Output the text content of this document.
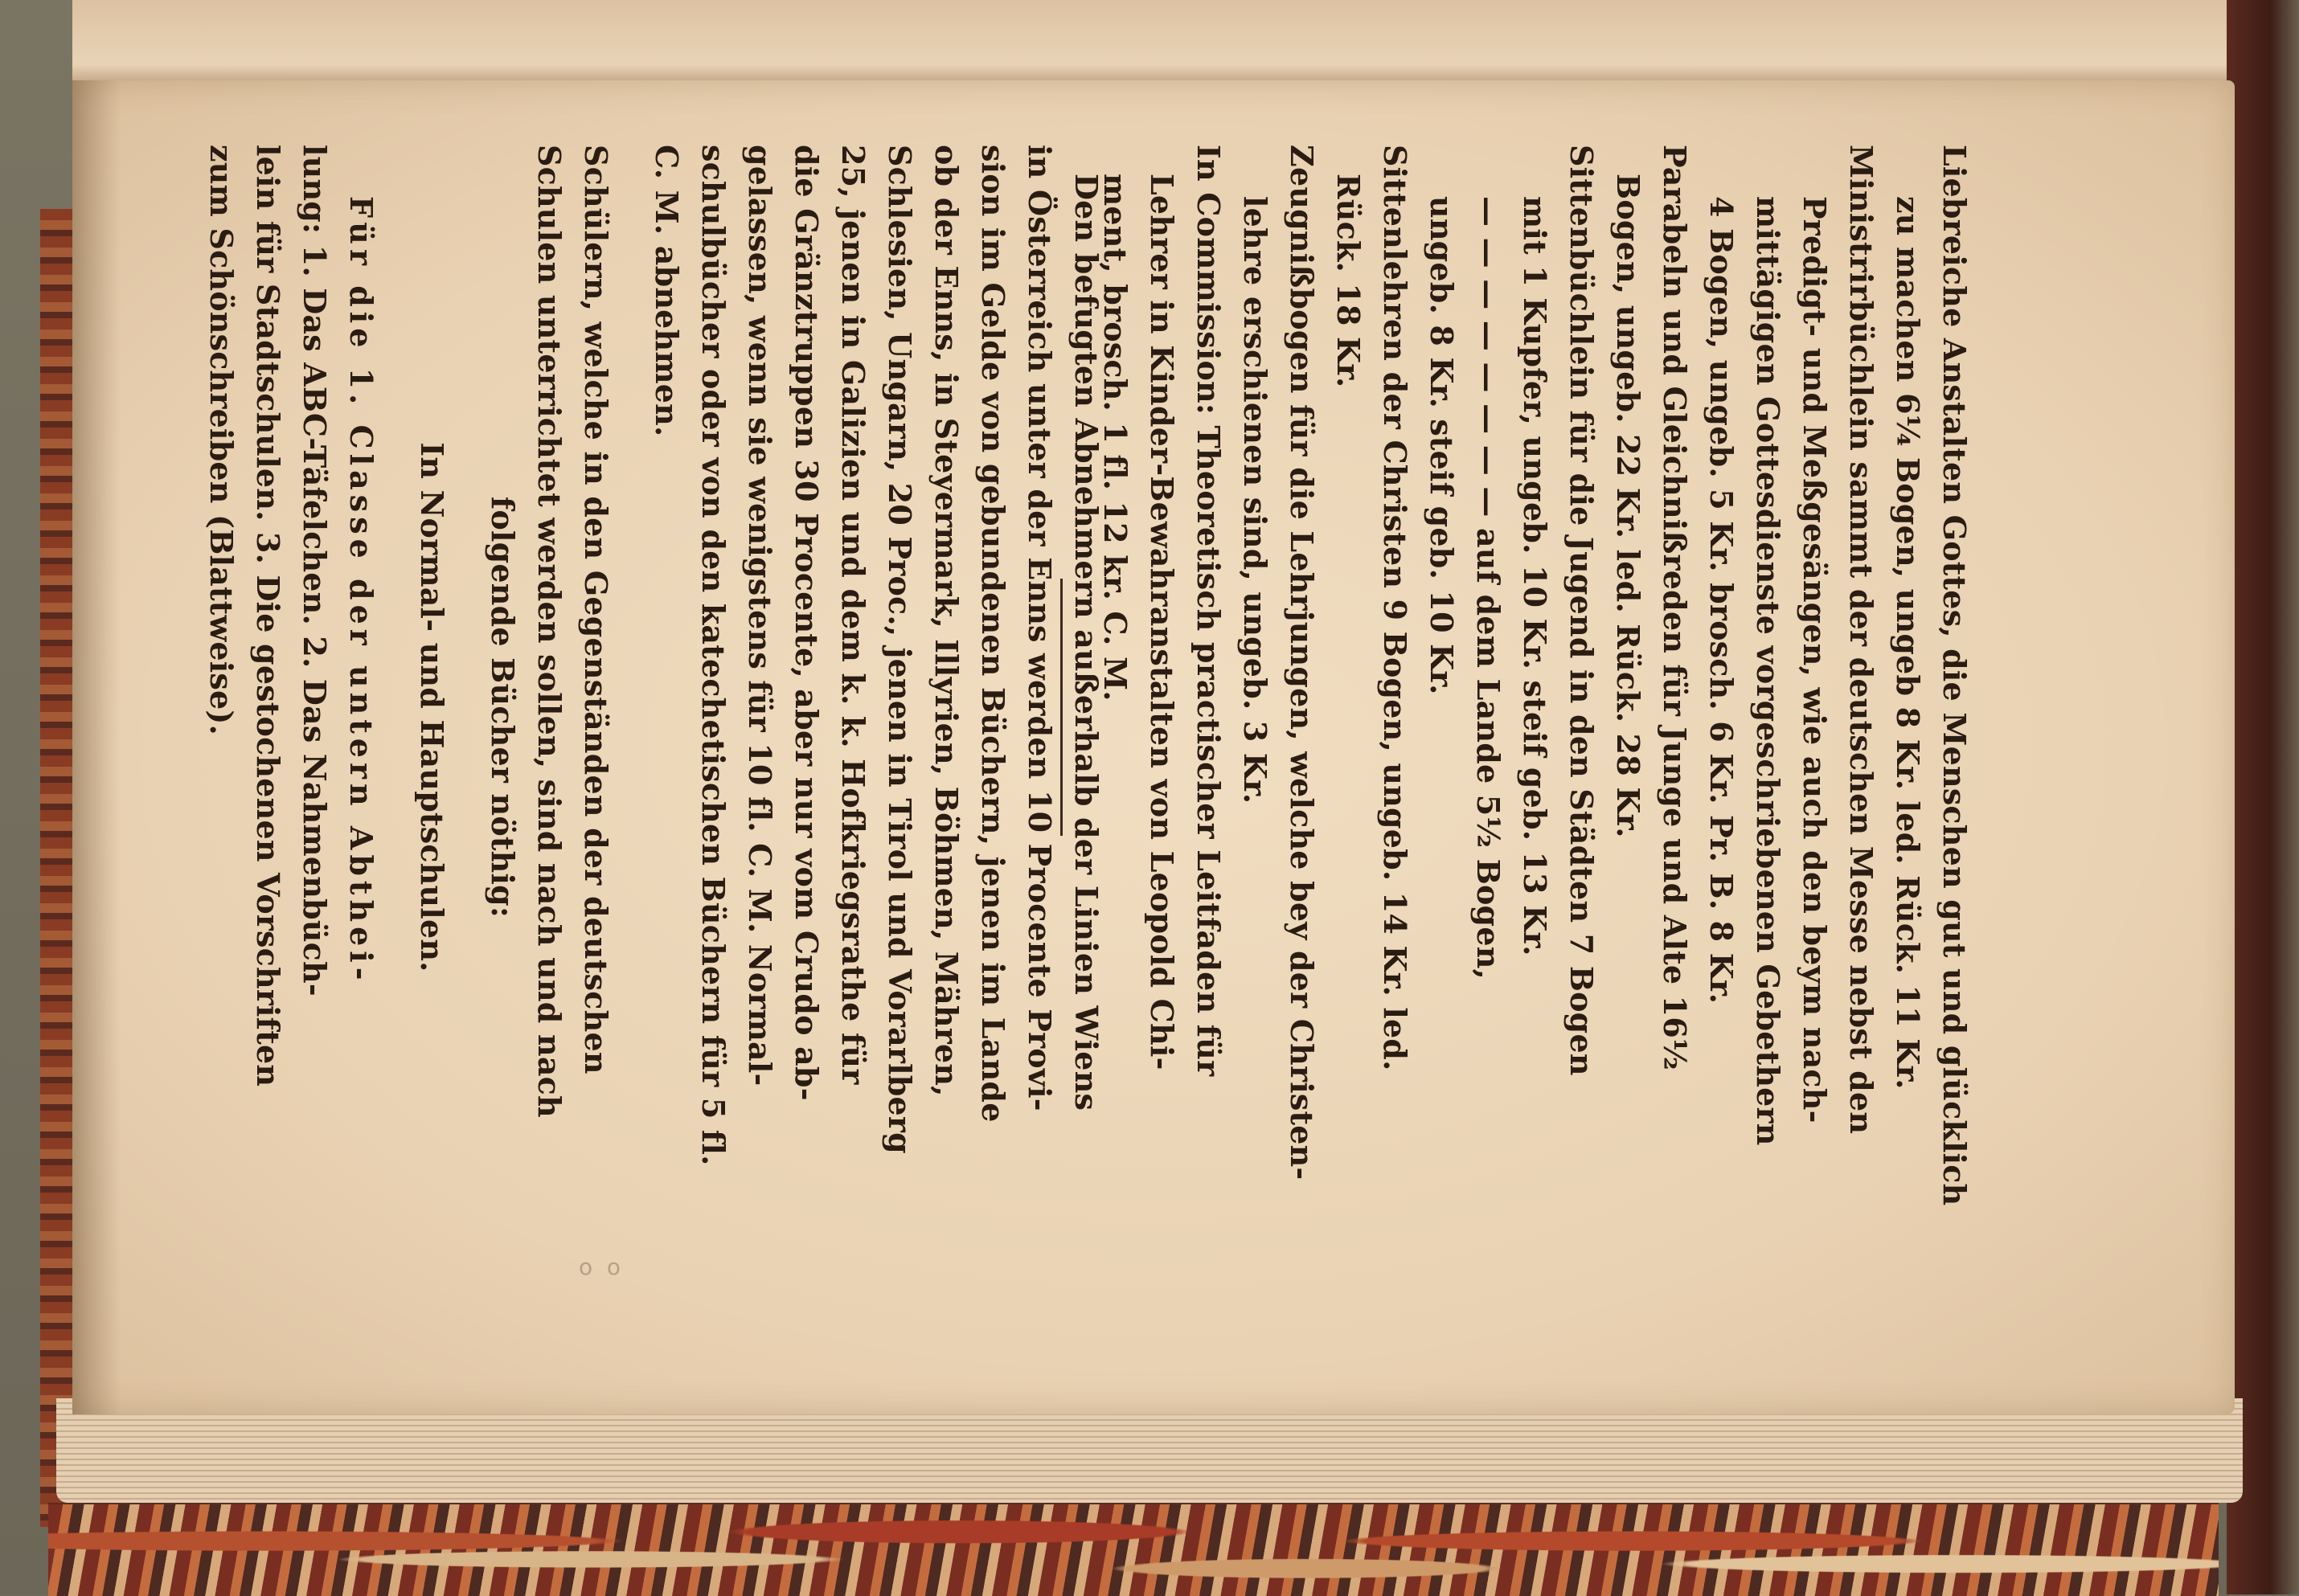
o  o
Liebreiche Anstalten Gottes, die Menschen gut und glücklich
zu machen 6¼ Bogen, ungeb 8 Kr. led. Rück. 11 Kr.
Ministrirbüchlein sammt der deutschen Messe nebst den
Predigt- und Meßgesängen, wie auch den beym nach-
mittägigen Gottesdienste vorgeschriebenen Gebethern
4 Bogen, ungeb. 5 Kr. brosch. 6 Kr. Pr. B. 8 Kr.
Parabeln und Gleichnißreden für Junge und Alte 16½
Bogen, ungeb. 22 Kr. led. Rück. 28 Kr.
Sittenbüchlein für die Jugend in den Städten 7 Bogen
mit 1 Kupfer, ungeb. 10 Kr. steif geb. 13 Kr.
— — — — — — — — auf dem Lande 5½ Bogen,
ungeb. 8 Kr. steif geb. 10 Kr.
Sittenlehren der Christen 9 Bogen, ungeb. 14 Kr. led.
Rück. 18 Kr.
Zeugnißbogen für die Lehrjungen, welche bey der Christen-
lehre erschienen sind, ungeb. 3 Kr.
In Commission: Theoretisch practischer Leitfaden für
Lehrer in Kinder-Bewahranstalten von Leopold Chi-
ment, brosch. 1 fl. 12 kr. C. M.
Den befugten Abnehmern außerhalb der Linien Wiens
in Österreich unter der Enns werden 10 Procente Provi-
sion im Gelde von gebundenen Büchern, jenen im Lande
ob der Enns, in Steyermark, Illyrien, Böhmen, Mähren,
Schlesien, Ungarn, 20 Proc., jenen in Tirol und Vorarlberg
25, jenen in Galizien und dem k. k. Hofkriegsrathe für
die Gränztruppen 30 Procente, aber nur vom Crudo ab-
gelassen, wenn sie wenigstens für 10 fl. C. M. Normal-
schulbücher oder von den katechetischen Büchern für 5 fl.
C. M. abnehmen.
Schülern, welche in den Gegenständen der deutschen
Schulen unterrichtet werden sollen, sind nach und nach
folgende Bücher nöthig:
In Normal- und Hauptschulen.
Für die 1. Classe der untern Abthei-
lung: 1. Das ABC-Täfelchen. 2. Das Nahmenbüch-
lein für Stadtschulen. 3. Die gestochenen Vorschriften
zum Schönschreiben (Blattweise).
